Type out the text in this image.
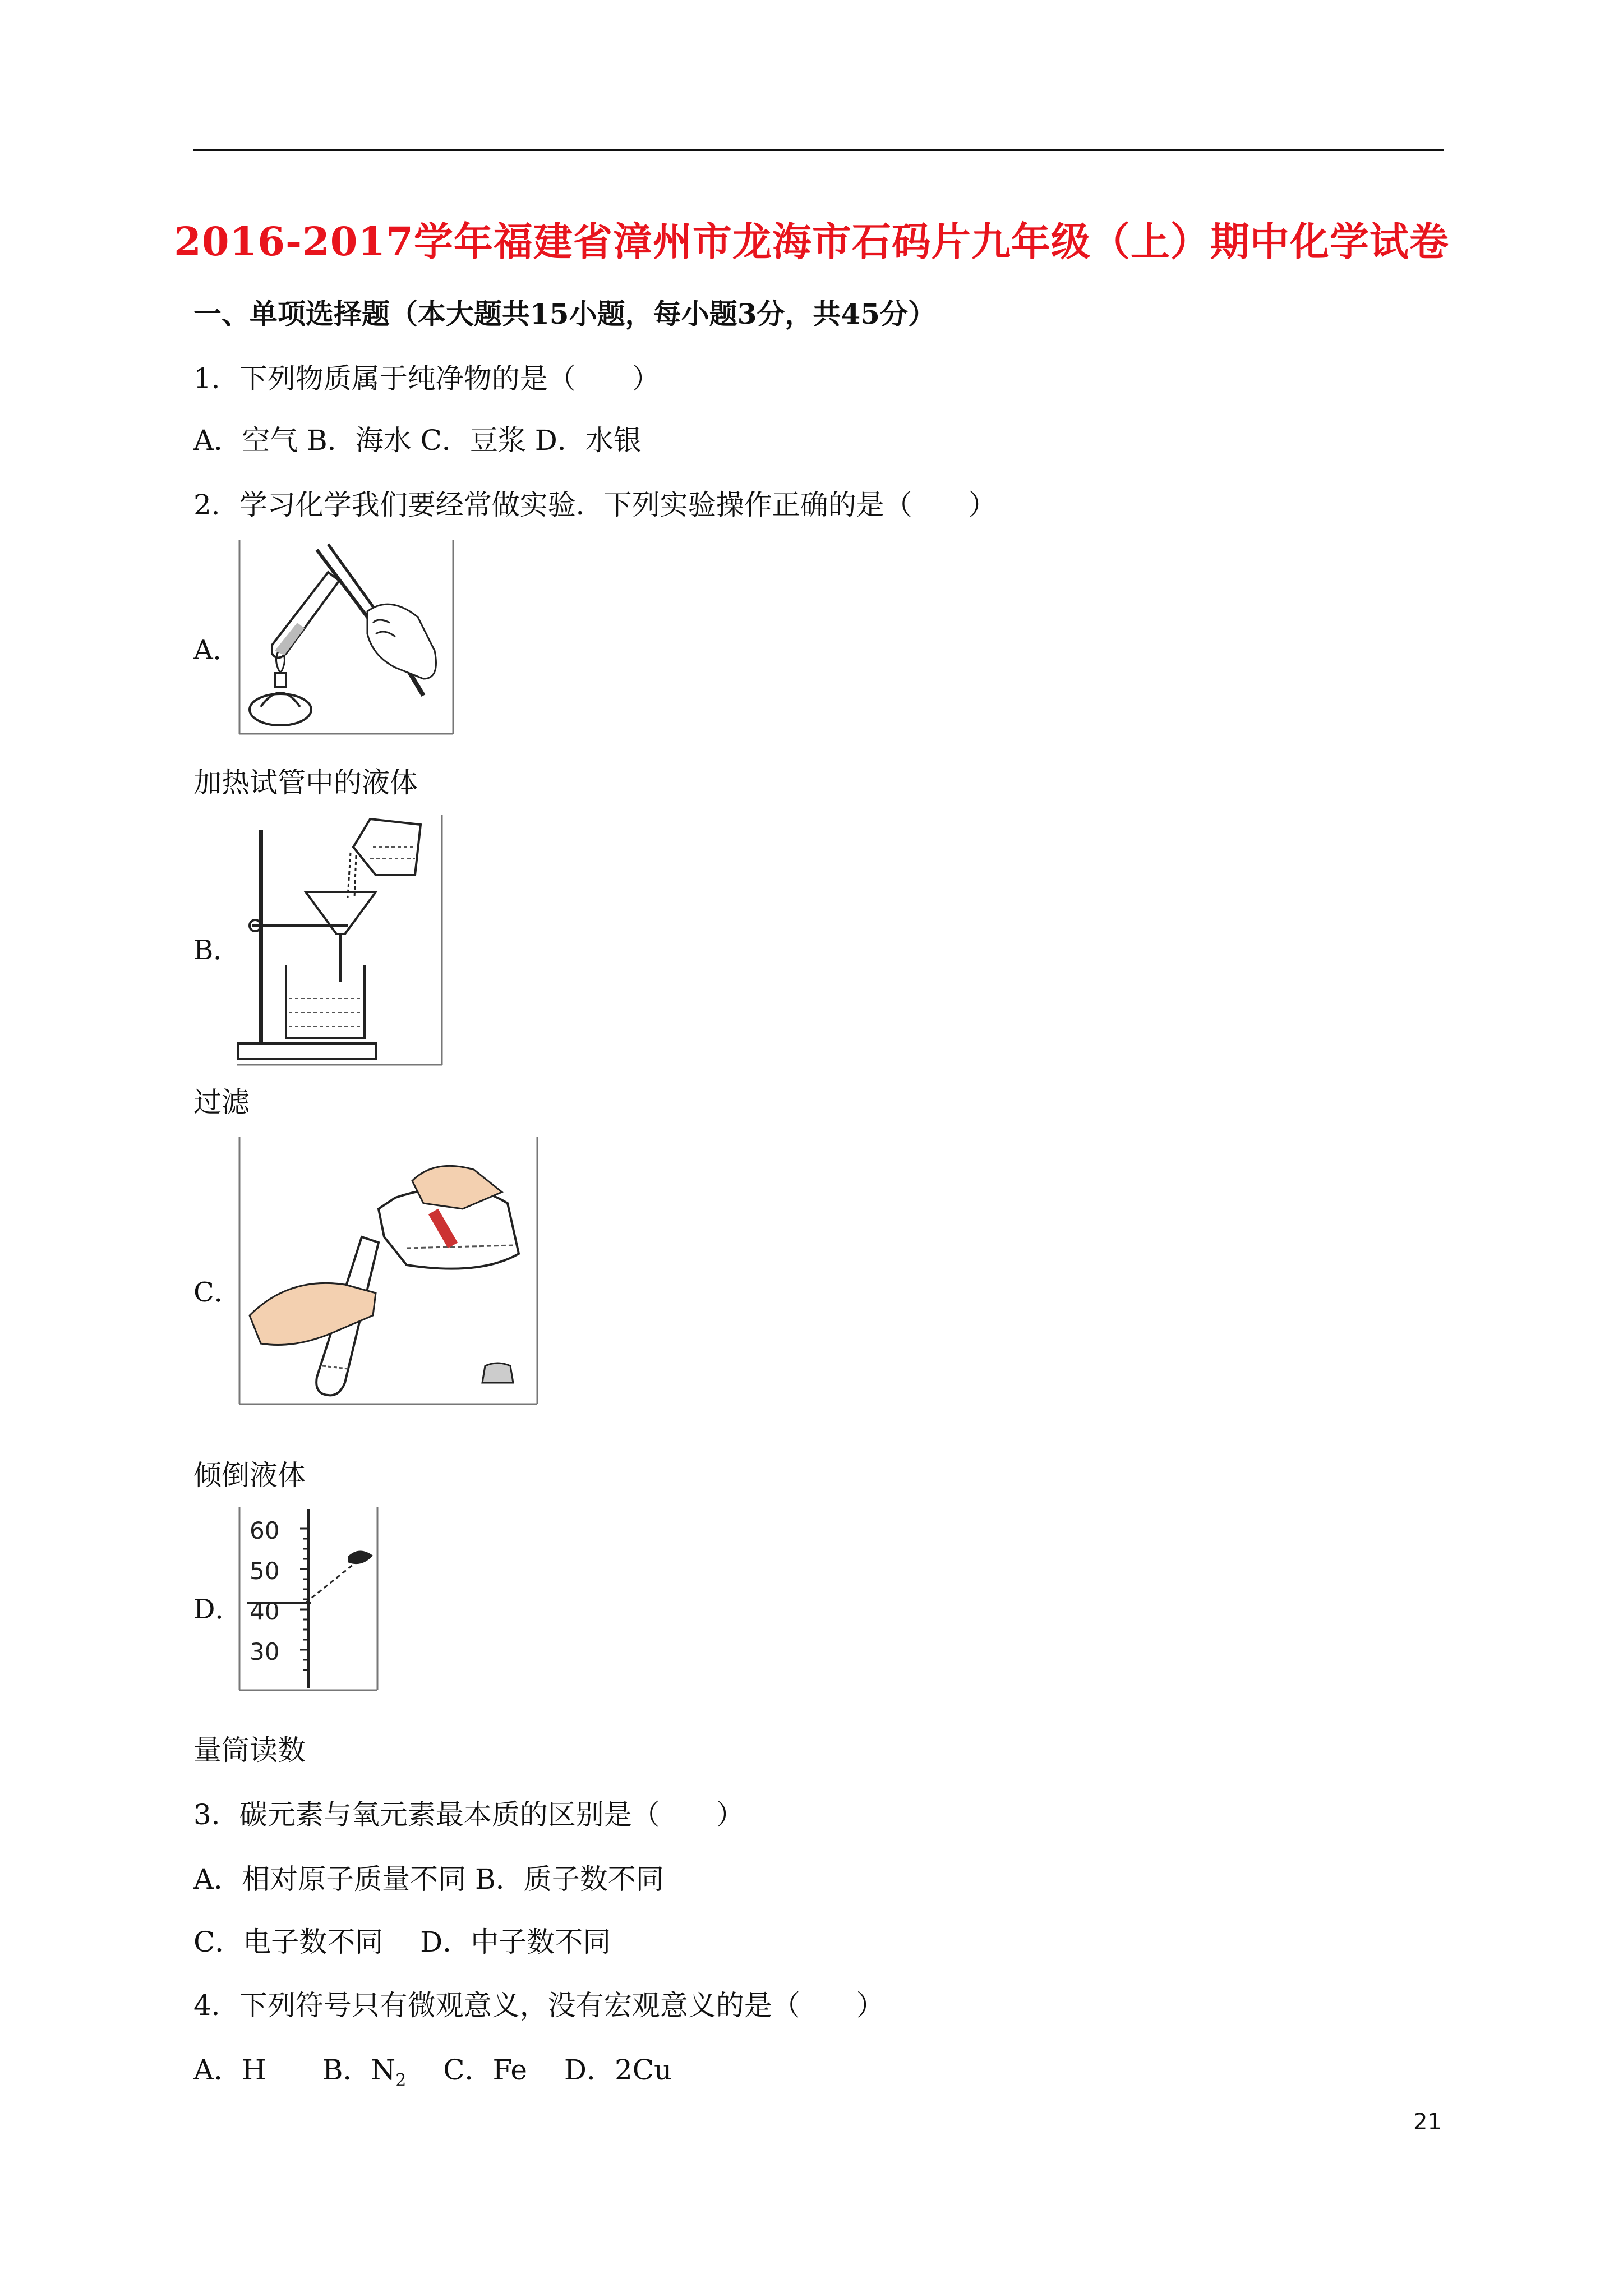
2016-2017学年福建省漳州市龙海市石码片九年级（上）期中化学试卷
一、单项选择题（本大题共15小题，每小题3分，共45分）
1．下列物质属于纯净物的是（　　）
A．空气 B．海水 C．豆浆 D．水银
2．学习化学我们要经常做实验．下列实验操作正确的是（　　）
A．
加热试管中的液体
B．
过滤
C．
倾倒液体
D．
60
50
40
30
量筒读数
3．碳元素与氧元素最本质的区别是（　　）
A．相对原子质量不同 B．质子数不同
C．电子数不同　 D．中子数不同
4．下列符号只有微观意义，没有宏观意义的是（　　）
A．H　　B．$N_2$　 C．Fe　 D．2Cu
21
